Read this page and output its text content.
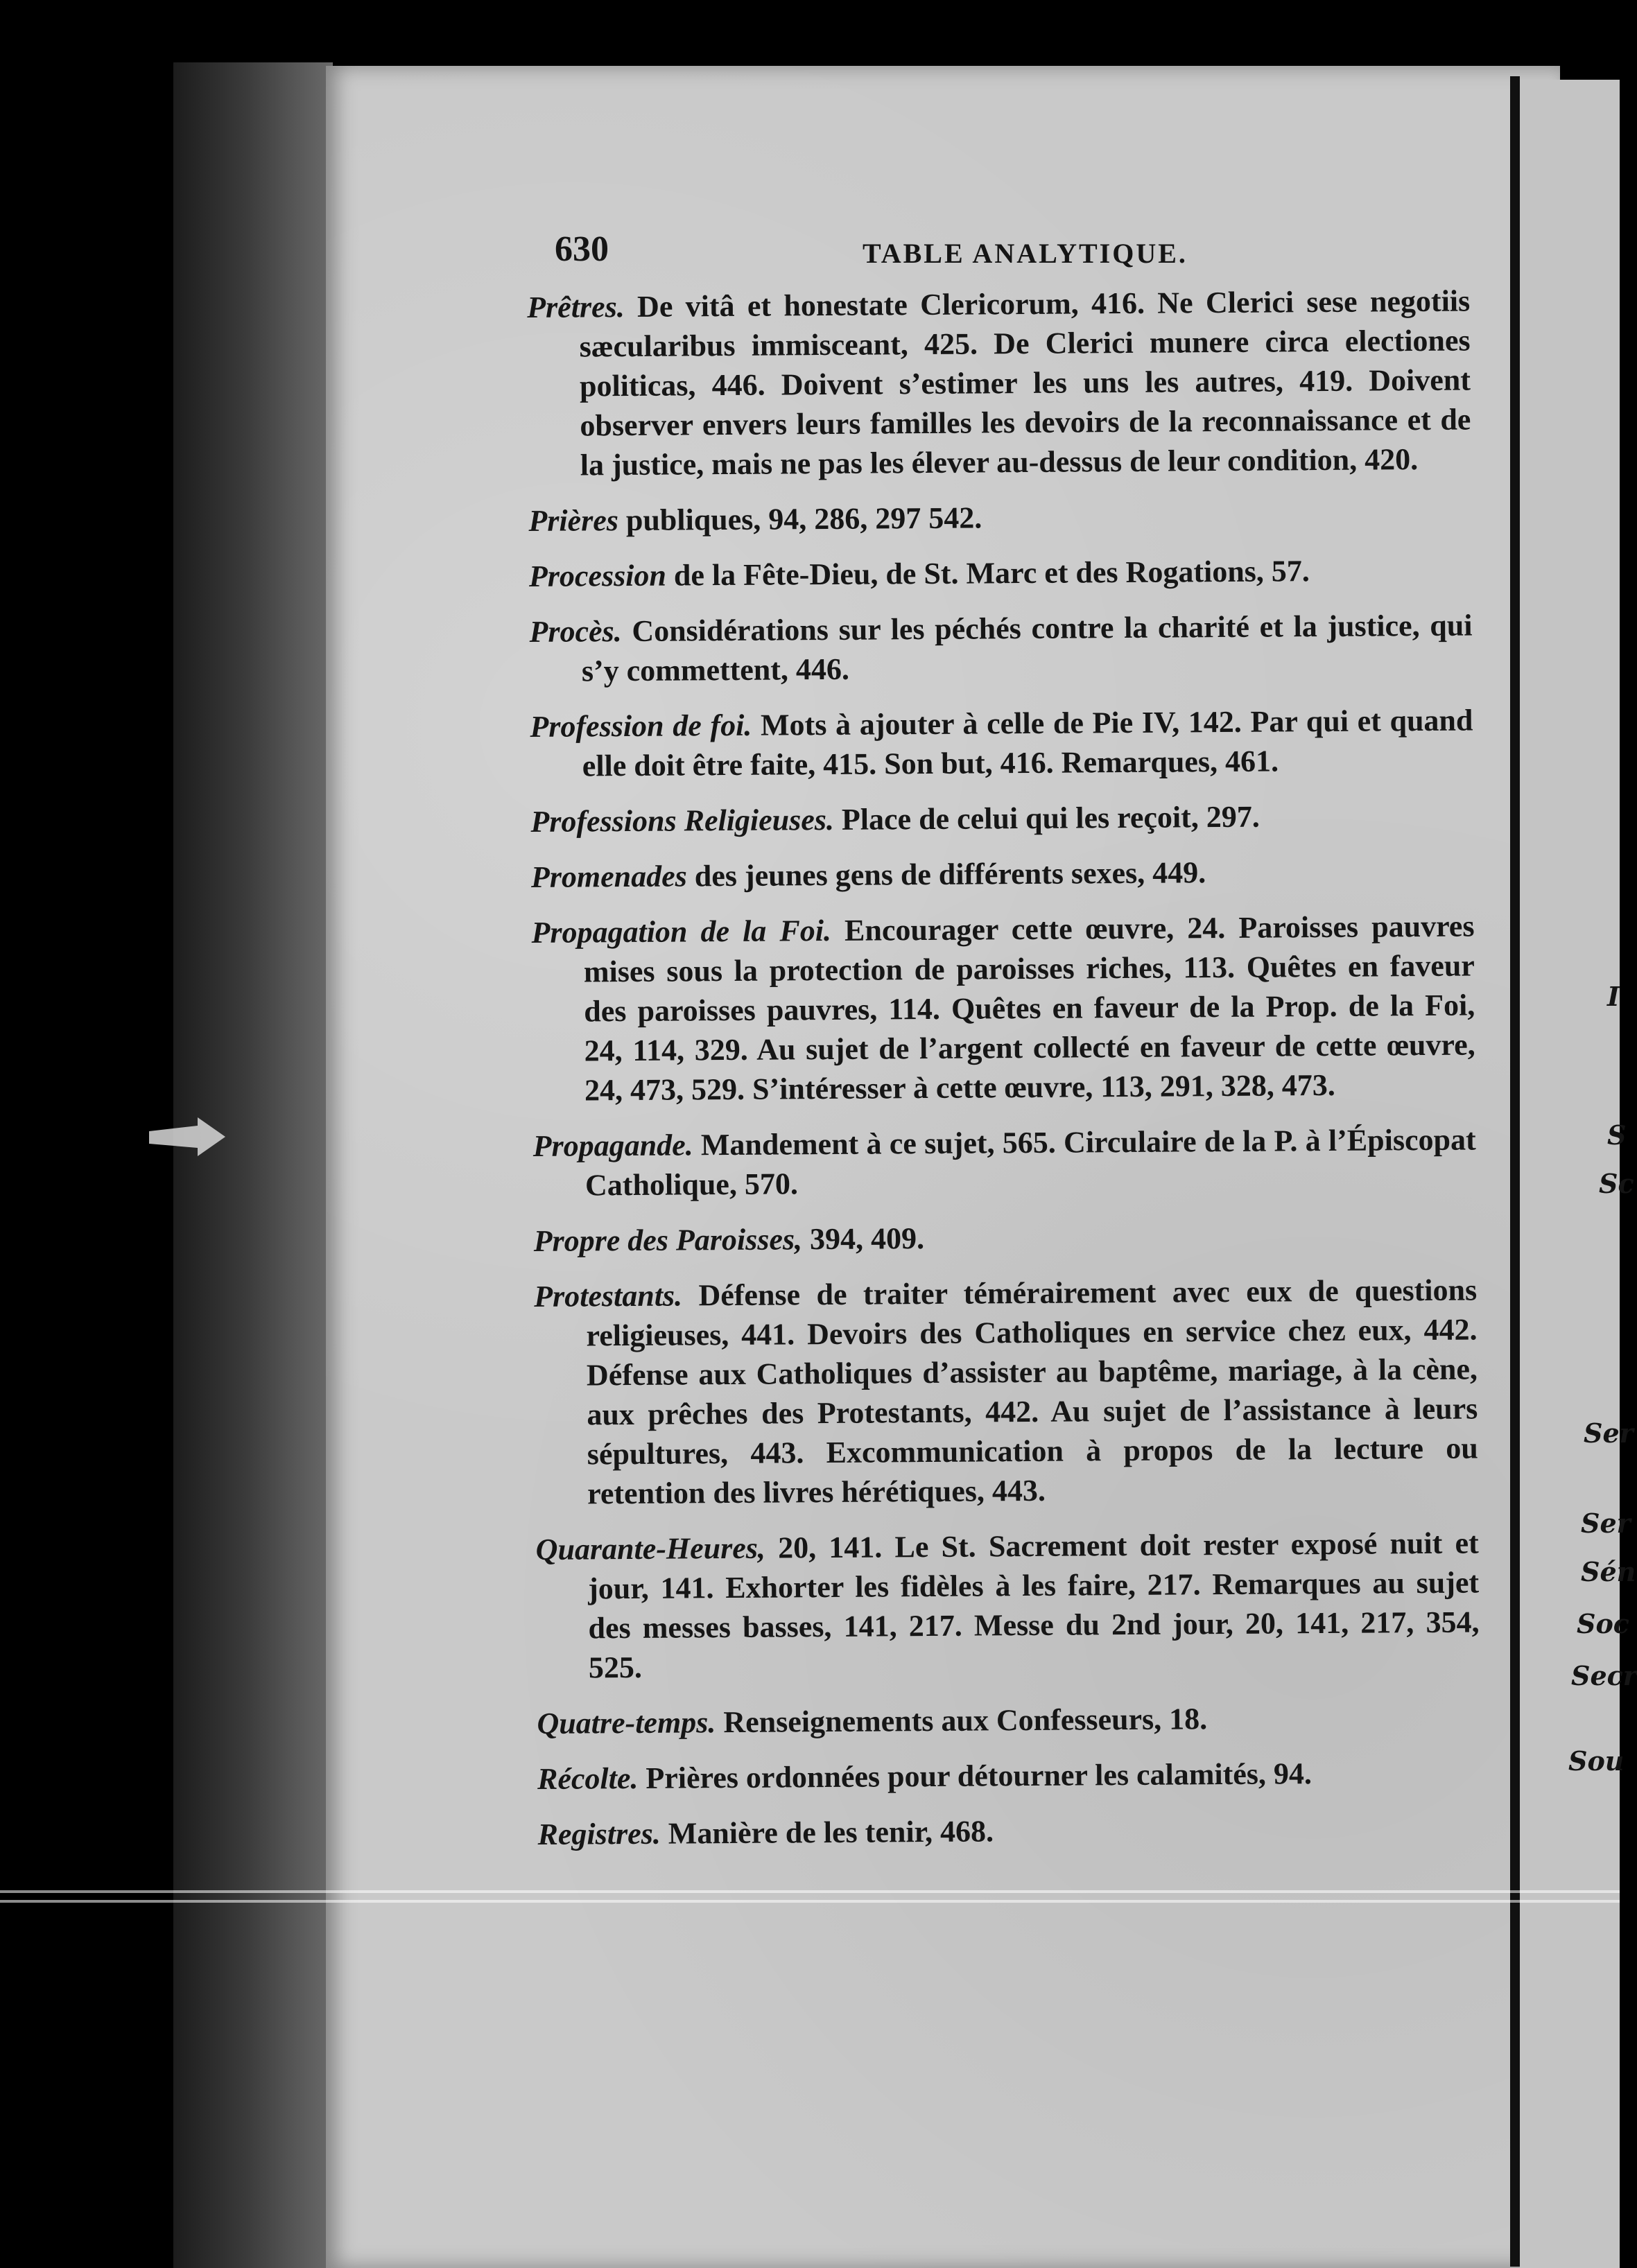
I
S
Sc
Ser
Ser
Sén
Soc
Secr
Sou
630	TABLE ANALYTIQUE.

Prêtres. De vitâ et honestate Clericorum, 416. Ne Clerici sese negotiis sæcularibus immisceant, 425. De Clerici munere circa electiones politicas, 446. Doivent s’estimer les uns les autres, 419. Doivent observer envers leurs familles les devoirs de la reconnaissance et de la justice, mais ne pas les élever au-dessus de leur condition, 420.

Prières publiques, 94, 286, 297 542.

Procession de la Fête-Dieu, de St. Marc et des Rogations, 57.

Procès. Considérations sur les péchés contre la charité et la justice, qui s’y commettent, 446.

Profession de foi. Mots à ajouter à celle de Pie IV, 142. Par qui et quand elle doit être faite, 415. Son but, 416. Remarques, 461.

Professions Religieuses. Place de celui qui les reçoit, 297.

Promenades des jeunes gens de différents sexes, 449.

Propagation de la Foi. Encourager cette œuvre, 24. Paroisses pauvres mises sous la protection de paroisses riches, 113. Quêtes en faveur des paroisses pauvres, 114. Quêtes en faveur de la Prop. de la Foi, 24, 114, 329. Au sujet de l’argent collecté en faveur de cette œuvre, 24, 473, 529. S’intéresser à cette œuvre, 113, 291, 328, 473.

Propagande. Mandement à ce sujet, 565. Circulaire de la P. à l’Épiscopat Catholique, 570.

Propre des Paroisses, 394, 409.

Protestants. Défense de traiter témérairement avec eux de questions religieuses, 441. Devoirs des Catholiques en service chez eux, 442. Défense aux Catholiques d’assister au baptême, mariage, à la cène, aux prêches des Protestants, 442. Au sujet de l’assistance à leurs sépultures, 443. Excommunication à propos de la lecture ou retention des livres hérétiques, 443.

Quarante-Heures, 20, 141. Le St. Sacrement doit rester exposé nuit et jour, 141. Exhorter les fidèles à les faire, 217. Remarques au sujet des messes basses, 141, 217. Messe du 2nd jour, 20, 141, 217, 354, 525.

Quatre-temps. Renseignements aux Confesseurs, 18.

Récolte. Prières ordonnées pour détourner les calamités, 94.

Registres. Manière de les tenir, 468.
